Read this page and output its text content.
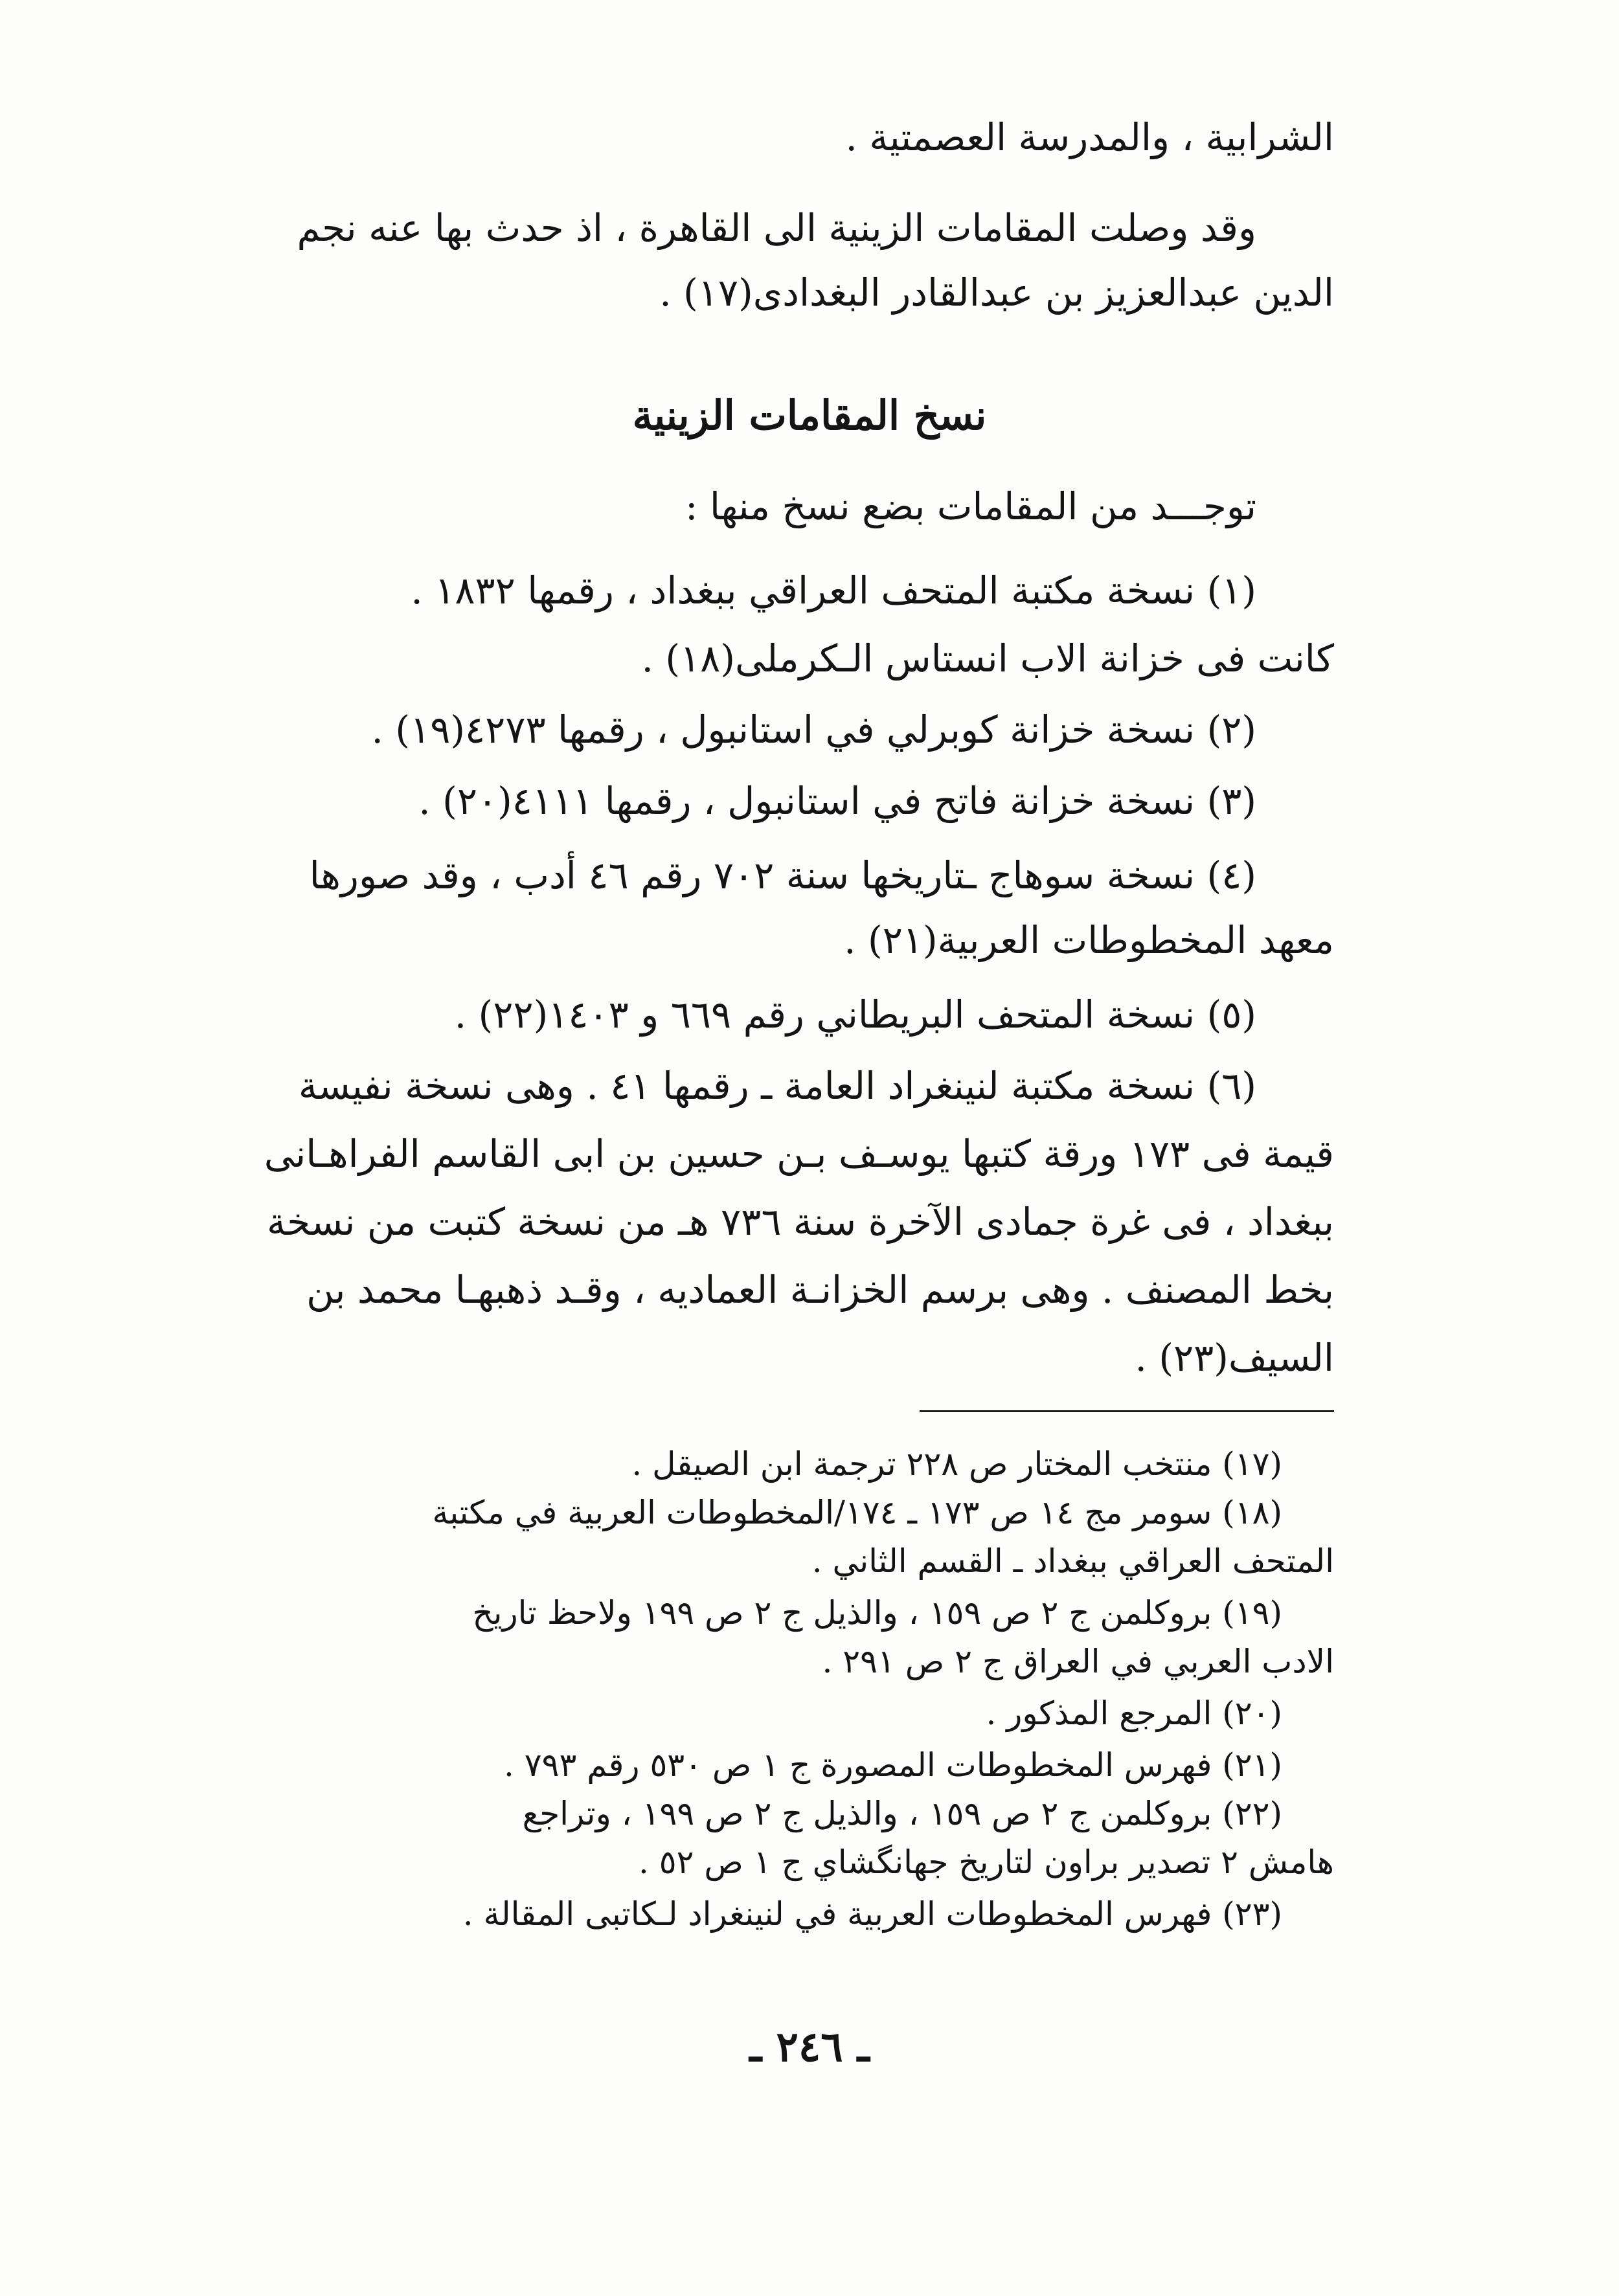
الشرابية ، والمدرسة العصمتية .
وقد وصلت المقامات الزينية الى القاهرة ، اذ حدث بها عنه نجم
الدين عبدالعزيز بن عبدالقادر البغدادى(١٧) .
نسخ المقامات الزينية
توجـــد من المقامات بضع نسخ منها :
(١) نسخة مكتبة المتحف العراقي ببغداد ، رقمها ١٨٣٢ .
كانت فى خزانة الاب انستاس الـكرملى(١٨) .
(٢) نسخة خزانة كوبرلي في استانبول ، رقمها ٤٢٧٣(١٩) .
(٣) نسخة خزانة فاتح في استانبول ، رقمها ٤١١١(٢٠) .
(٤) نسخة سوهاج ـتاريخها سنة ٧٠٢ رقم ٤٦ أدب ، وقد صورها
معهد المخطوطات العربية(٢١) .
(٥) نسخة المتحف البريطاني رقم ٦٦٩ و ١٤٠٣(٢٢) .
(٦) نسخة مكتبة لنينغراد العامة ـ رقمها ٤١ . وهى نسخة نفيسة
قيمة فى ١٧٣ ورقة كتبها يوسـف بـن حسين بن ابى القاسم الفراهـانى
ببغداد ، فى غرة جمادى الآخرة سنة ٧٣٦ هـ من نسخة كتبت من نسخة
بخط المصنف . وهى برسم الخزانـة العماديه ، وقـد ذهبهـا محمد بن
السيف(٢٣) .
(١٧) منتخب المختار ص ٢٢٨ ترجمة ابن الصيقل .
(١٨) سومر مج ١٤ ص ١٧٣ ـ ١٧٤/المخطوطات العربية في مكتبة
المتحف العراقي ببغداد ـ القسم الثاني .
(١٩) بروكلمن ج ٢ ص ١٥٩ ، والذيل ج ٢ ص ١٩٩ ولاحظ تاريخ
الادب العربي في العراق ج ٢ ص ٢٩١ .
(٢٠) المرجع المذكور .
(٢١) فهرس المخطوطات المصورة ج ١ ص ٥٣٠ رقم ٧٩٣ .
(٢٢) بروكلمن ج ٢ ص ١٥٩ ، والذيل ج ٢ ص ١٩٩ ، وتراجع
هامش ٢ تصدير براون لتاريخ جهانگشاي ج ١ ص ٥٢ .
(٢٣) فهرس المخطوطات العربية في لنينغراد لـكاتبى المقالة .
ـ ٢٤٦ ـ
